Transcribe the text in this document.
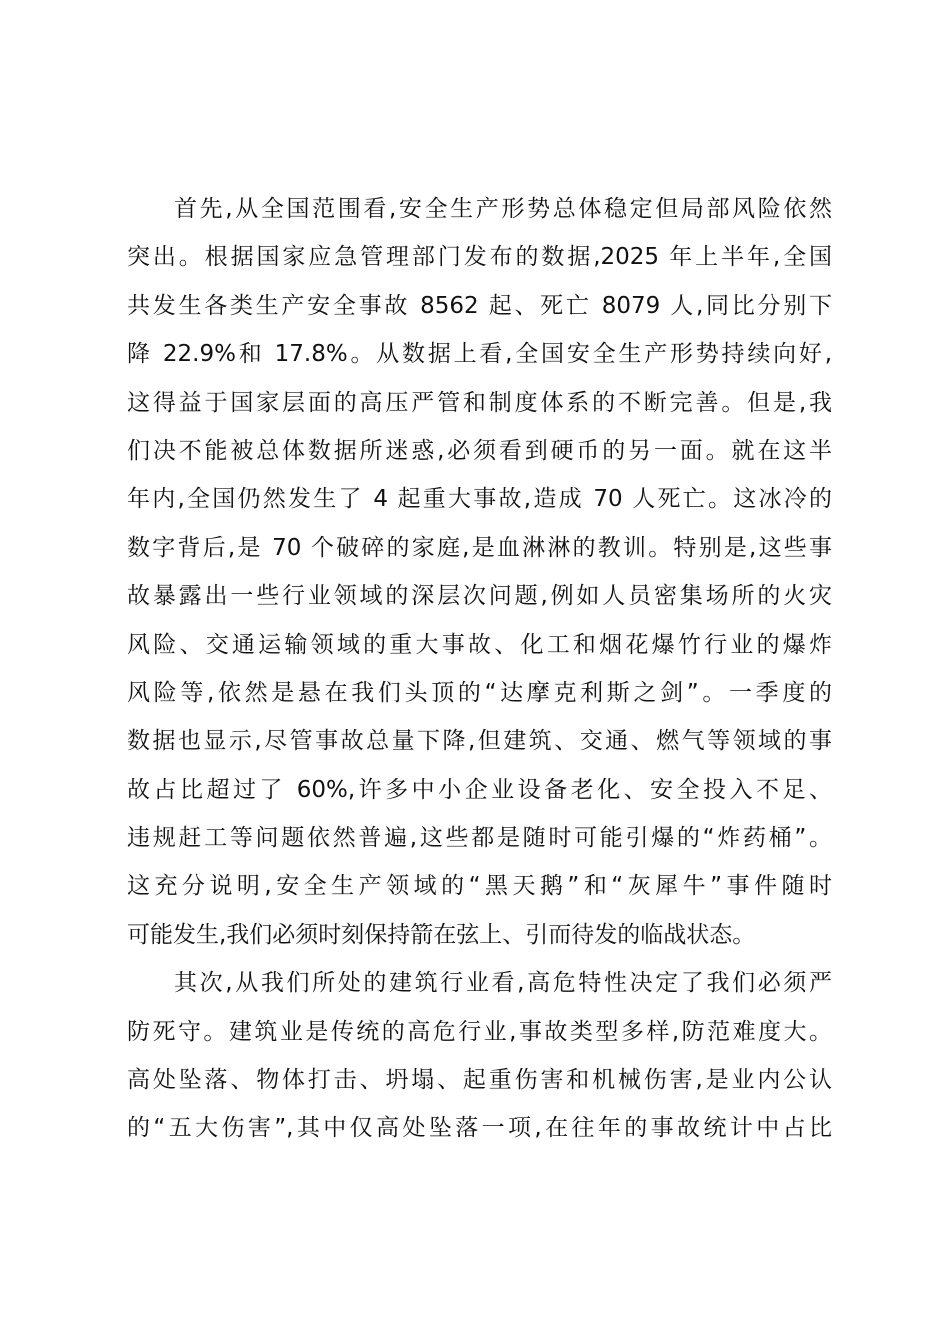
首先,从全国范围看,安全生产形势总体稳定但局部风险依然
突出。根据国家应急管理部门发布的数据,2025 年上半年,全国
共发生各类生产安全事故 8562 起、死亡 8079 人,同比分别下
降 22.9%和 17.8%。从数据上看,全国安全生产形势持续向好,
这得益于国家层面的高压严管和制度体系的不断完善。但是,我
们决不能被总体数据所迷惑,必须看到硬币的另一面。就在这半
年内,全国仍然发生了 4 起重大事故,造成 70 人死亡。这冰冷的
数字背后,是 70 个破碎的家庭,是血淋淋的教训。特别是,这些事
故暴露出一些行业领域的深层次问题,例如人员密集场所的火灾
风险、交通运输领域的重大事故、化工和烟花爆竹行业的爆炸
风险等,依然是悬在我们头顶的“达摩克利斯之剑”。一季度的
数据也显示,尽管事故总量下降,但建筑、交通、燃气等领域的事
故占比超过了 60%,许多中小企业设备老化、安全投入不足、
违规赶工等问题依然普遍,这些都是随时可能引爆的“炸药桶”。
这充分说明,安全生产领域的“黑天鹅”和“灰犀牛”事件随时
可能发生,我们必须时刻保持箭在弦上、引而待发的临战状态。
其次,从我们所处的建筑行业看,高危特性决定了我们必须严
防死守。建筑业是传统的高危行业,事故类型多样,防范难度大。
高处坠落、物体打击、坍塌、起重伤害和机械伤害,是业内公认
的“五大伤害”,其中仅高处坠落一项,在往年的事故统计中占比
